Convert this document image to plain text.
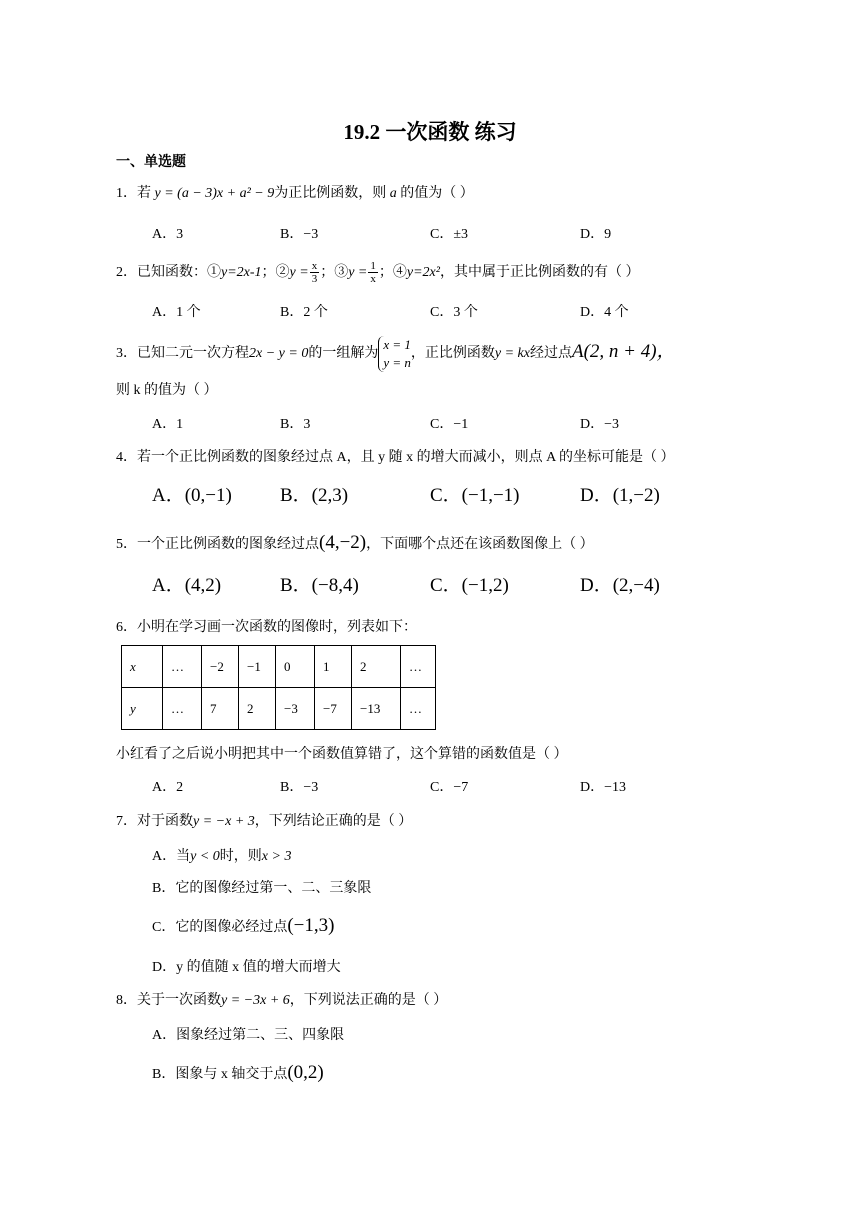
19.2 一次函数 练习
一、单选题
1．若 y = (a − 3)x + a² − 9为正比例函数，则 a 的值为（ ）
A．3	B．−3	C．±3	D．9
2．已知函数：①y=2x-1；②y = $\frac{x}{3}$ ；③y = $\frac{1}{x}$ ；④y=2x²，其中属于正比例函数的有（ ）
A．1 个	B．2 个	C．3 个	D．4 个
3．已知二元一次方程2x − y = 0的一组解为
x = 1
y = n
，正比例函数y = kx经过点A(2, n + 4)，
则 k 的值为（ ）
A．1	B．3	C．−1	D．−3
4．若一个正比例函数的图象经过点 A，且 y 随 x 的增大而减小，则点 A 的坐标可能是（ ）
A．(0,−1)	B．(2,3)	C．(−1,−1)	D．(1,−2)
5．一个正比例函数的图象经过点(4,−2)，下面哪个点还在该函数图像上（ ）
A．(4,2)	B．(−8,4)	C．(−1,2)	D．(2,−4)
6．小明在学习画一次函数的图像时，列表如下：
x	…	−2	−1	0	1	2	…
y	…	7	2	−3	−7	−13	…
小红看了之后说小明把其中一个函数值算错了，这个算错的函数值是（ ）
A．2	B．−3	C．−7	D．−13
7．对于函数y = −x + 3，下列结论正确的是（ ）
A．当y < 0时，则x > 3
B．它的图像经过第一、二、三象限
C．它的图像必经过点(−1,3)
D．y 的值随 x 值的增大而增大
8．关于一次函数y = −3x + 6，下列说法正确的是（ ）
A．图象经过第二、三、四象限
B．图象与 x 轴交于点(0,2)
